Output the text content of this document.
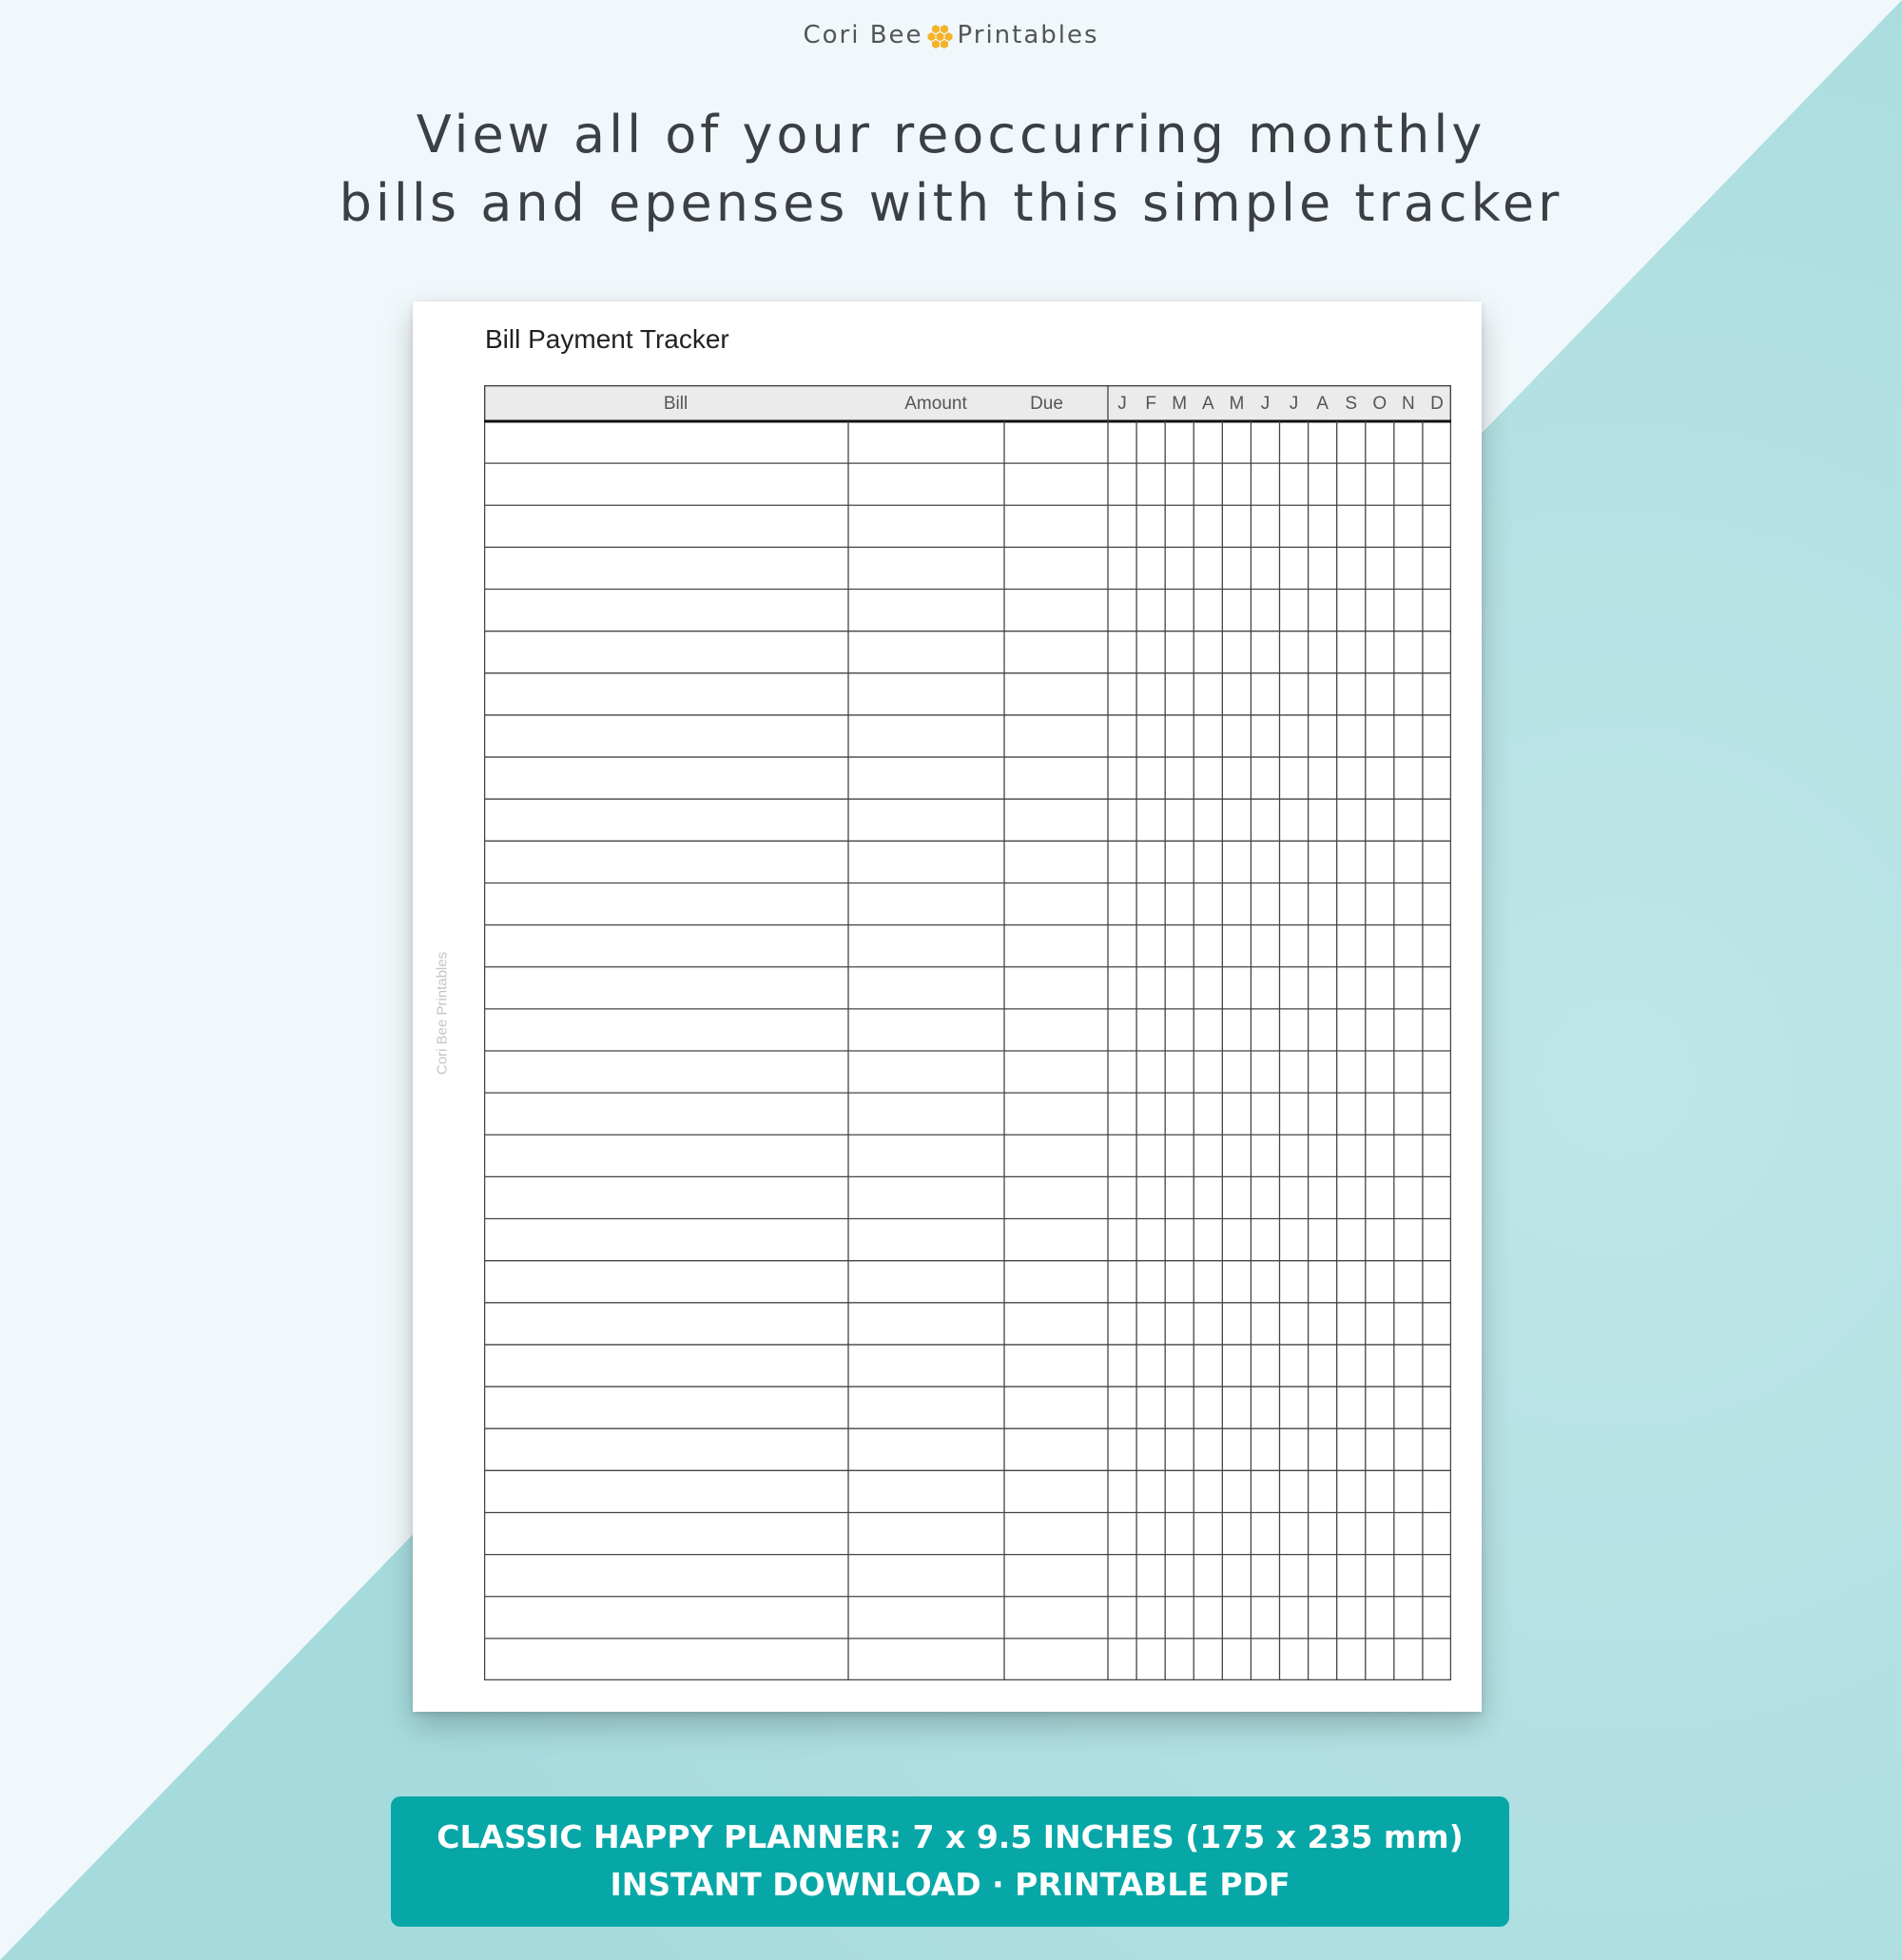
Cori Bee Printables
View all of your reoccurring monthly
bills and epenses with this simple tracker
Bill Payment Tracker
Cori Bee Printables
Bill	Amount	Due	J F M A M J J A S O N D
CLASSIC HAPPY PLANNER: 7 x 9.5 INCHES (175 x 235 mm)
INSTANT DOWNLOAD · PRINTABLE PDF
